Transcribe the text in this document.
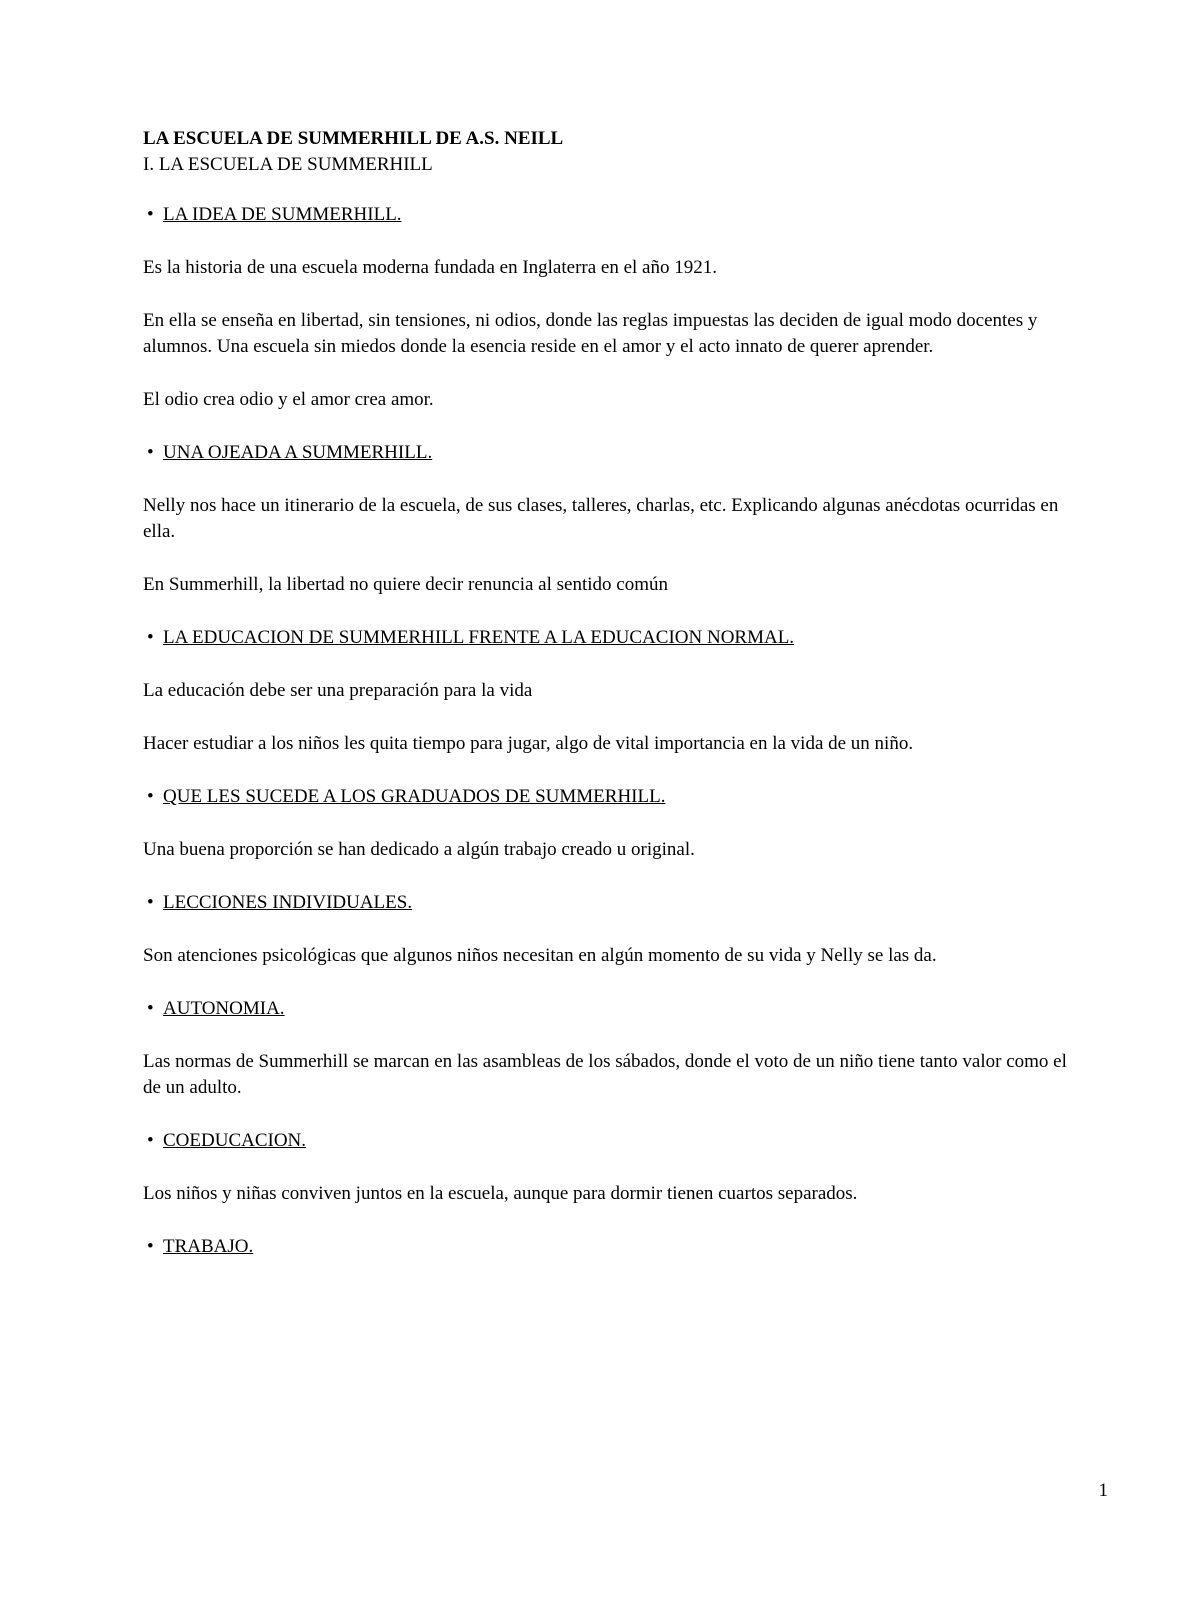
LA ESCUELA DE SUMMERHILL DE A.S. NEILL

I. LA ESCUELA DE SUMMERHILL

• LA IDEA DE SUMMERHILL.

Es la historia de una escuela moderna fundada en Inglaterra en el año 1921.

En ella se enseña en libertad, sin tensiones, ni odios, donde las reglas impuestas las deciden de igual modo docentes y alumnos. Una escuela sin miedos donde la esencia reside en el amor y el acto innato de querer aprender.

El odio crea odio y el amor crea amor.

• UNA OJEADA A SUMMERHILL.

Nelly nos hace un itinerario de la escuela, de sus clases, talleres, charlas, etc. Explicando algunas anécdotas ocurridas en ella.

En Summerhill, la libertad no quiere decir renuncia al sentido común

• LA EDUCACION DE SUMMERHILL FRENTE A LA EDUCACION NORMAL.

La educación debe ser una preparación para la vida

Hacer estudiar a los niños les quita tiempo para jugar, algo de vital importancia en la vida de un niño.

• QUE LES SUCEDE A LOS GRADUADOS DE SUMMERHILL.

Una buena proporción se han dedicado a algún trabajo creado u original.

• LECCIONES INDIVIDUALES.

Son atenciones psicológicas que algunos niños necesitan en algún momento de su vida y Nelly se las da.

• AUTONOMIA.

Las normas de Summerhill se marcan en las asambleas de los sábados, donde el voto de un niño tiene tanto valor como el de un adulto.

• COEDUCACION.

Los niños y niñas conviven juntos en la escuela, aunque para dormir tienen cuartos separados.

• TRABAJO.

1
